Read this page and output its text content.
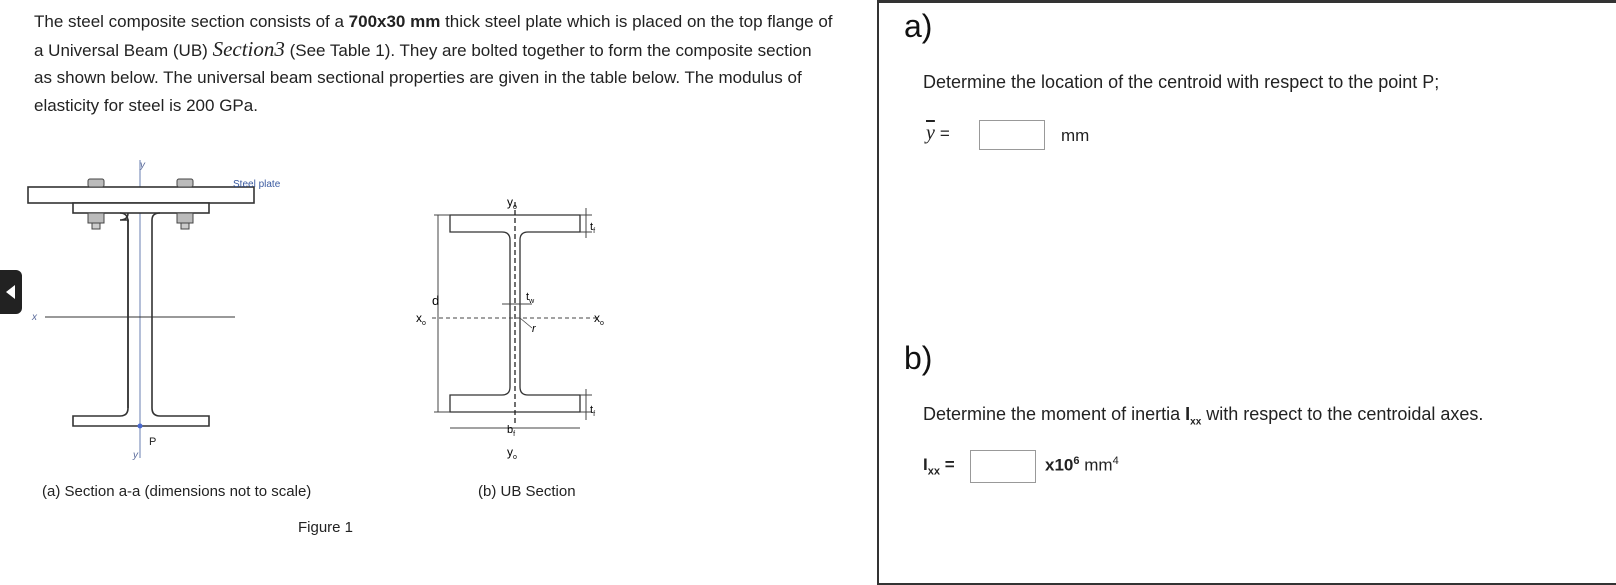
The steel composite section consists of a 700x30 mm thick steel plate which is placed on the top flange of a Universal Beam (UB) Section3 (See Table 1). They are bolted together to form the composite section as shown below. The universal beam sectional properties are given in the table below. The modulus of elasticity for steel is 200 GPa.
y
y
Steel plate
x
P
d
$t_f$
$t_f$
$b_f$
$t_w$
r
$y_o$
$y_o$
$x_o$	$x_o$
(a) Section a-a (dimensions not to scale)	(b) UB Section
Figure 1
a)
Determine the location of the centroid with respect to the point P;
$\overline{y}$ =	mm
b)
Determine the moment of inertia $I_{xx}$ with respect to the centroidal axes.
$I_{xx}$ =	$x10^6$ $mm^4$
